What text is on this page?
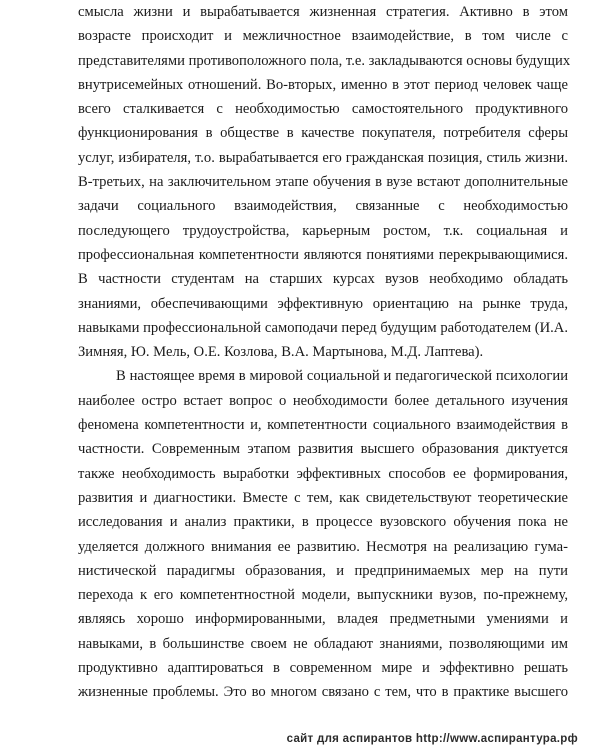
смысла жизни и вырабатывается жизненная стратегия. Активно в этом
возрасте происходит и межличностное взаимодействие, в том числе с
представителями противоположного пола, т.е. закладываются основы будущих
внутрисемейных отношений. Во-вторых, именно в этот период человек чаще
всего сталкивается с необходимостью самостоятельного продуктивного
функционирования в обществе в качестве покупателя, потребителя сферы
услуг, избирателя, т.о. вырабатывается его гражданская позиция, стиль жизни.
В-третьих, на заключительном этапе обучения в вузе встают дополнительные
задачи социального взаимодействия, связанные с необходимостью
последующего трудоустройства, карьерным ростом, т.к. социальная и
профессиональная компетентности являются понятиями перекрывающимися.
В частности студентам на старших курсах вузов необходимо обладать
знаниями, обеспечивающими эффективную ориентацию на рынке труда,
навыками профессиональной самоподачи перед будущим работодателем (И.А.
Зимняя, Ю. Мель, О.Е. Козлова, В.А. Мартынова, М.Д. Лаптева).
В настоящее время в мировой социальной и педагогической психологии
наиболее остро встает вопрос о необходимости более детального изучения
феномена компетентности и, компетентности социального взаимодействия в
частности. Современным этапом развития высшего образования диктуется
также необходимость выработки эффективных способов ее формирования,
развития и диагностики. Вместе с тем, как свидетельствуют теоретические
исследования и анализ практики, в процессе вузовского обучения пока не
уделяется должного внимания ее развитию. Несмотря на реализацию гума-
нистической парадигмы образования, и предпринимаемых мер на пути
перехода к его компетентностной модели, выпускники вузов, по-прежнему,
являясь хорошо информированными, владея предметными умениями и
навыками, в большинстве своем не обладают знаниями, позволяющими им
продуктивно адаптироваться в современном мире и эффективно решать
жизненные проблемы. Это во многом связано с тем, что в практике высшего
сайт для аспирантов http://www.аспирантура.рф
